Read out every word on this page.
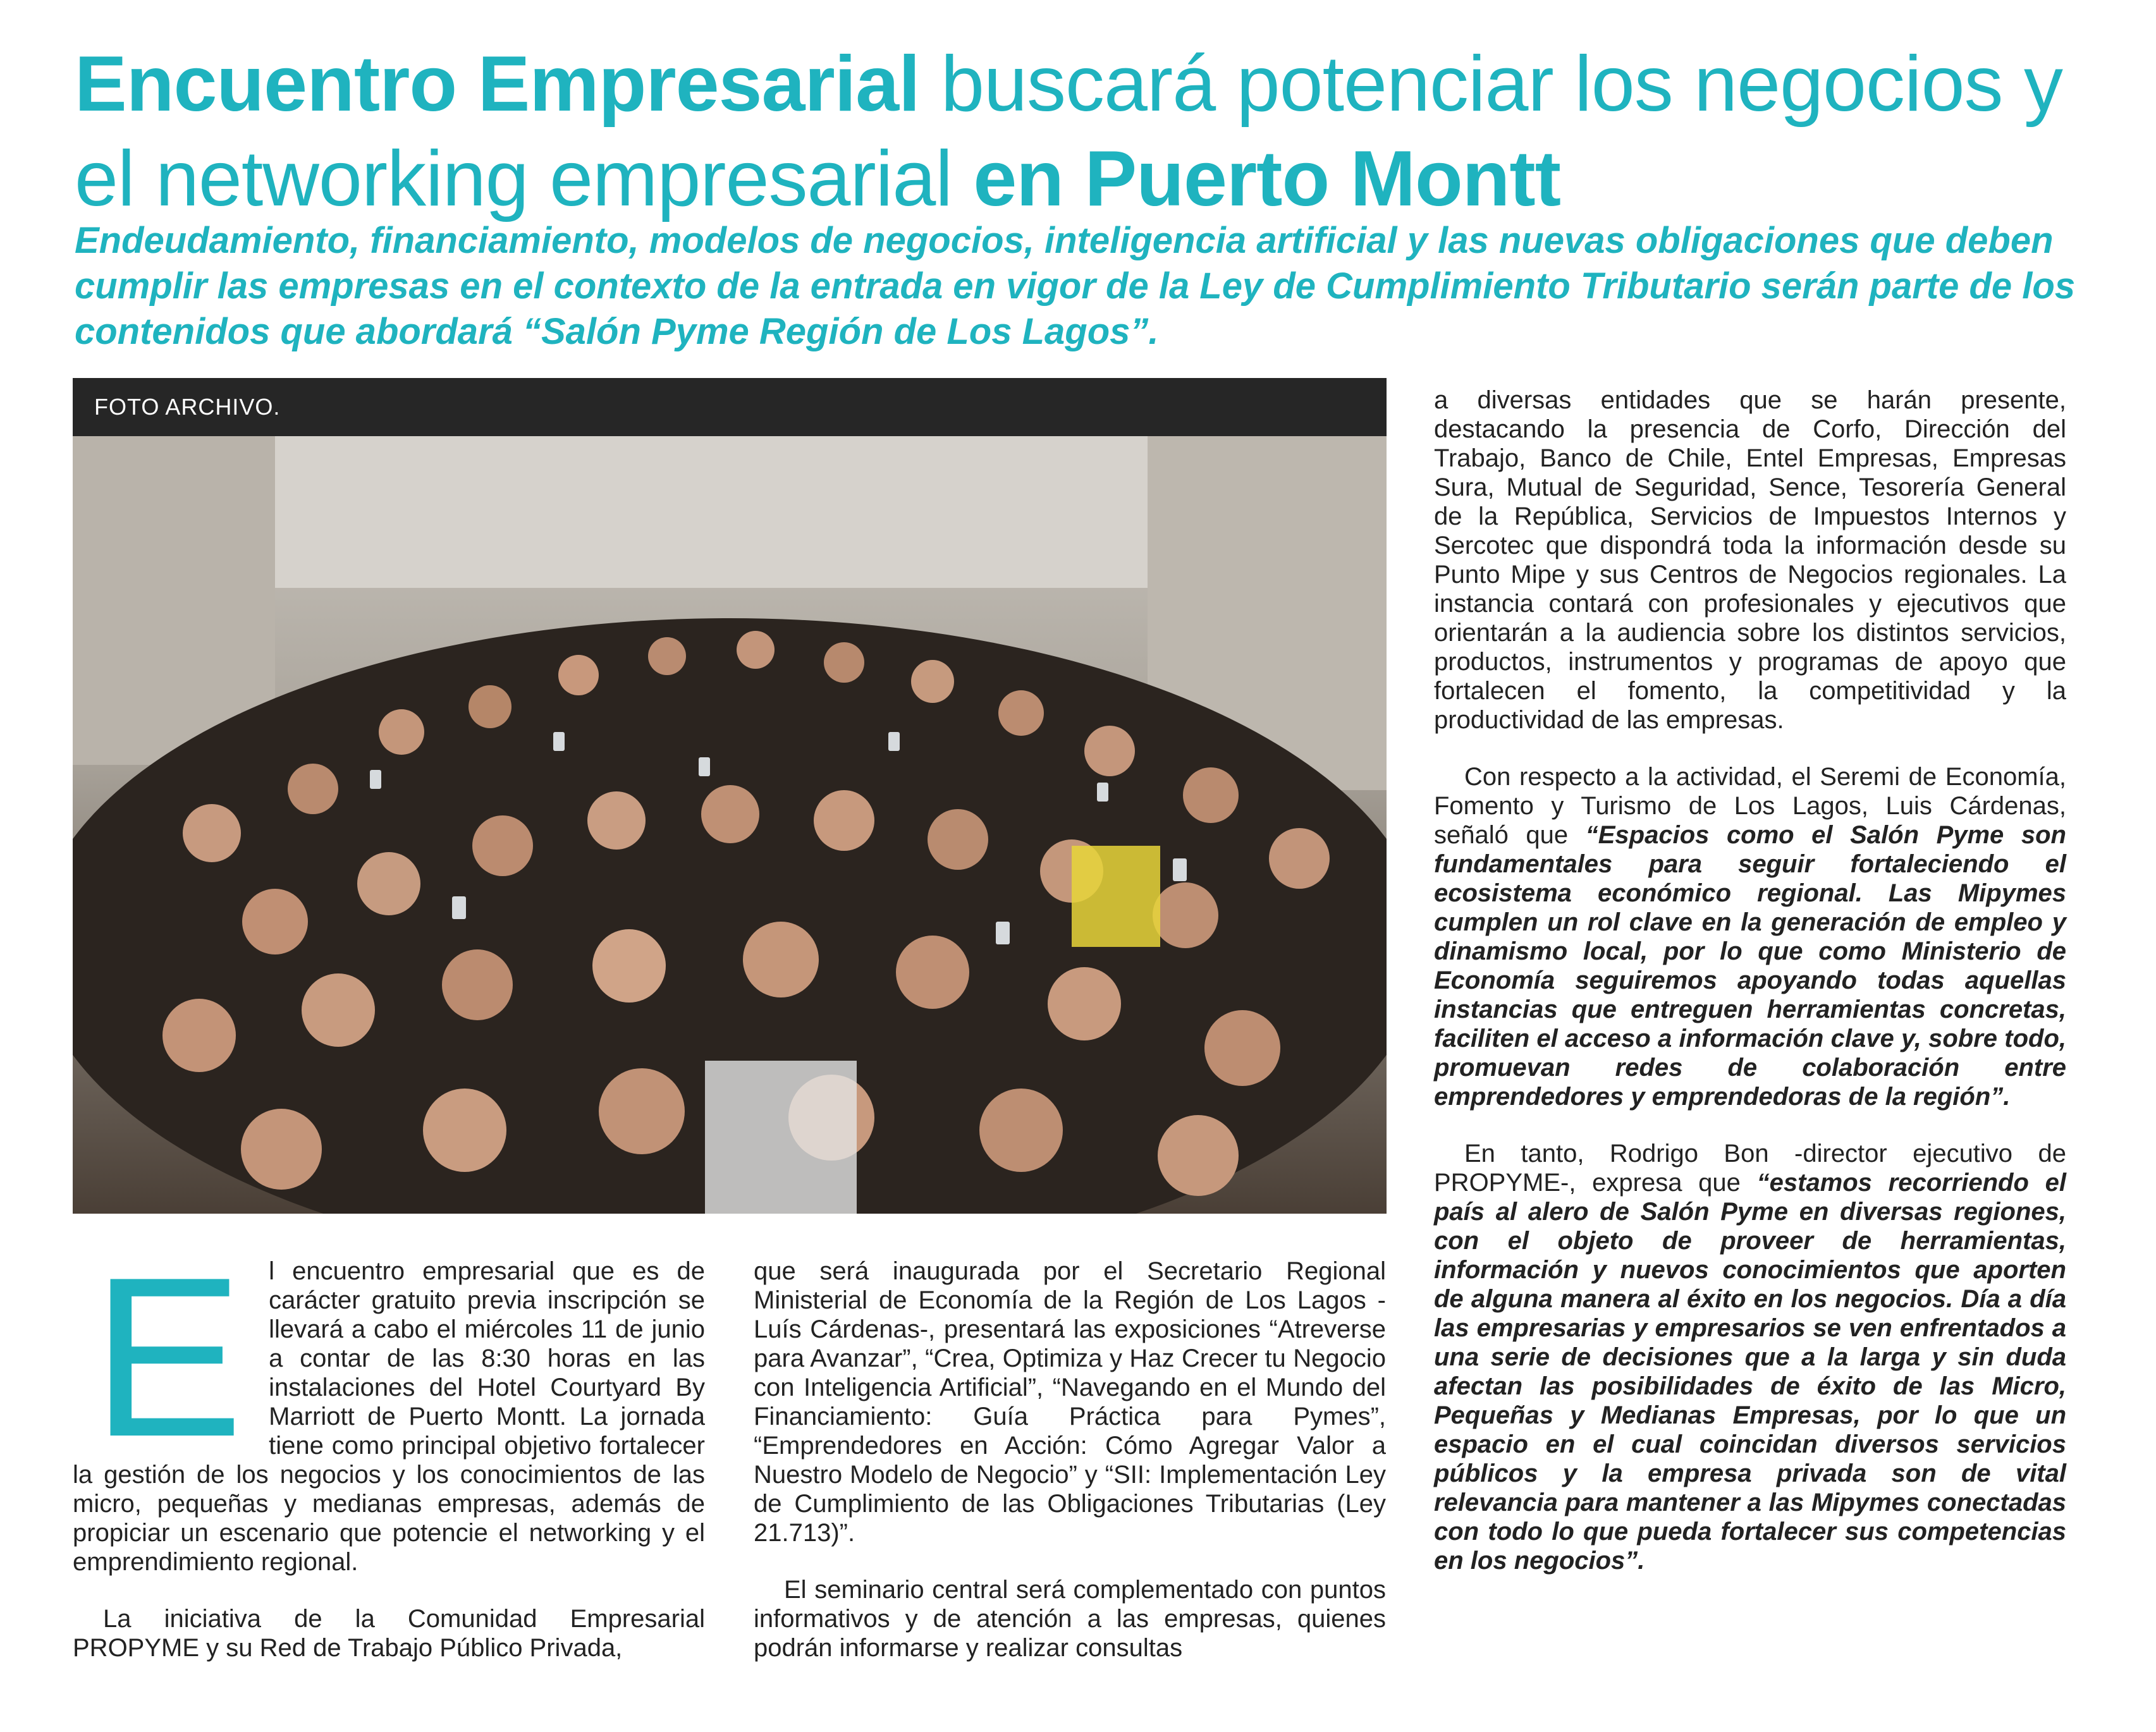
Encuentro Empresarial buscará potenciar los negocios y el networking empresarial en Puerto Montt

Endeudamiento, financiamiento, modelos de negocios, inteligencia artificial y las nuevas obligaciones que deben cumplir las empresas en el contexto de la entrada en vigor de la Ley de Cumplimiento Tributario serán parte de los contenidos que abordará “Salón Pyme Región de Los Lagos”.

FOTO ARCHIVO.
E	l encuentro empresarial que es de carácter gratuito previa inscripción se llevará a cabo el miércoles 11 de junio a contar de las 8:30 horas en las instalaciones del Hotel Courtyard By Marriott de Puerto Montt. La jornada tiene como principal objetivo fortalecer la gestión de los negocios y los conocimientos de las micro, pequeñas y medianas empresas, además de propiciar un escenario que potencie el networking y el emprendimiento regional.

La iniciativa de la Comunidad Empresarial PROPYME y su Red de Trabajo Público Privada,

que será inaugurada por el Secretario Regional Ministerial de Economía de la Región de Los Lagos -Luís Cárdenas-, presentará las exposiciones “Atreverse para Avanzar”, “Crea, Optimiza y Haz Crecer tu Negocio con Inteligencia Artificial”, “Navegando en el Mundo del Financiamiento: Guía Práctica para Pymes”, “Emprendedores en Acción: Cómo Agregar Valor a Nuestro Modelo de Negocio” y “SII: Implementación Ley de Cumplimiento de las Obligaciones Tributarias (Ley 21.713)”.

El seminario central será complementado con puntos informativos y de atención a las empresas, quienes podrán informarse y realizar consultas

a diversas entidades que se harán presente, destacando la presencia de Corfo, Dirección del Trabajo, Banco de Chile, Entel Empresas, Empresas Sura, Mutual de Seguridad, Sence, Tesorería General de la República, Servicios de Impuestos Internos y Sercotec que dispondrá toda la información desde su Punto Mipe y sus Centros de Negocios regionales. La instancia contará con profesionales y ejecutivos que orientarán a la audiencia sobre los distintos servicios, productos, instrumentos y programas de apoyo que fortalecen el fomento, la competitividad y la productividad de las empresas.

Con respecto a la actividad, el Seremi de Economía, Fomento y Turismo de Los Lagos, Luis Cárdenas, señaló que “Espacios como el Salón Pyme son fundamentales para seguir fortaleciendo el ecosistema económico regional. Las Mipymes cumplen un rol clave en la generación de empleo y dinamismo local, por lo que como Ministerio de Economía seguiremos apoyando todas aquellas instancias que entreguen herramientas concretas, faciliten el acceso a información clave y, sobre todo, promuevan redes de colaboración entre emprendedores y emprendedoras de la región”.

En tanto, Rodrigo Bon -director ejecutivo de PROPYME-, expresa que “estamos recorriendo el país al alero de Salón Pyme en diversas regiones, con el objeto de proveer de herramientas, información y nuevos conocimientos que aporten de alguna manera al éxito en los negocios. Día a día las empresarias y empresarios se ven enfrentados a una serie de decisiones que a la larga y sin duda afectan las posibilidades de éxito de las Micro, Pequeñas y Medianas Empresas, por lo que un espacio en el cual coincidan diversos servicios públicos y la empresa privada son de vital relevancia para mantener a las Mipymes conectadas con todo lo que pueda fortalecer sus competencias en los negocios”.
